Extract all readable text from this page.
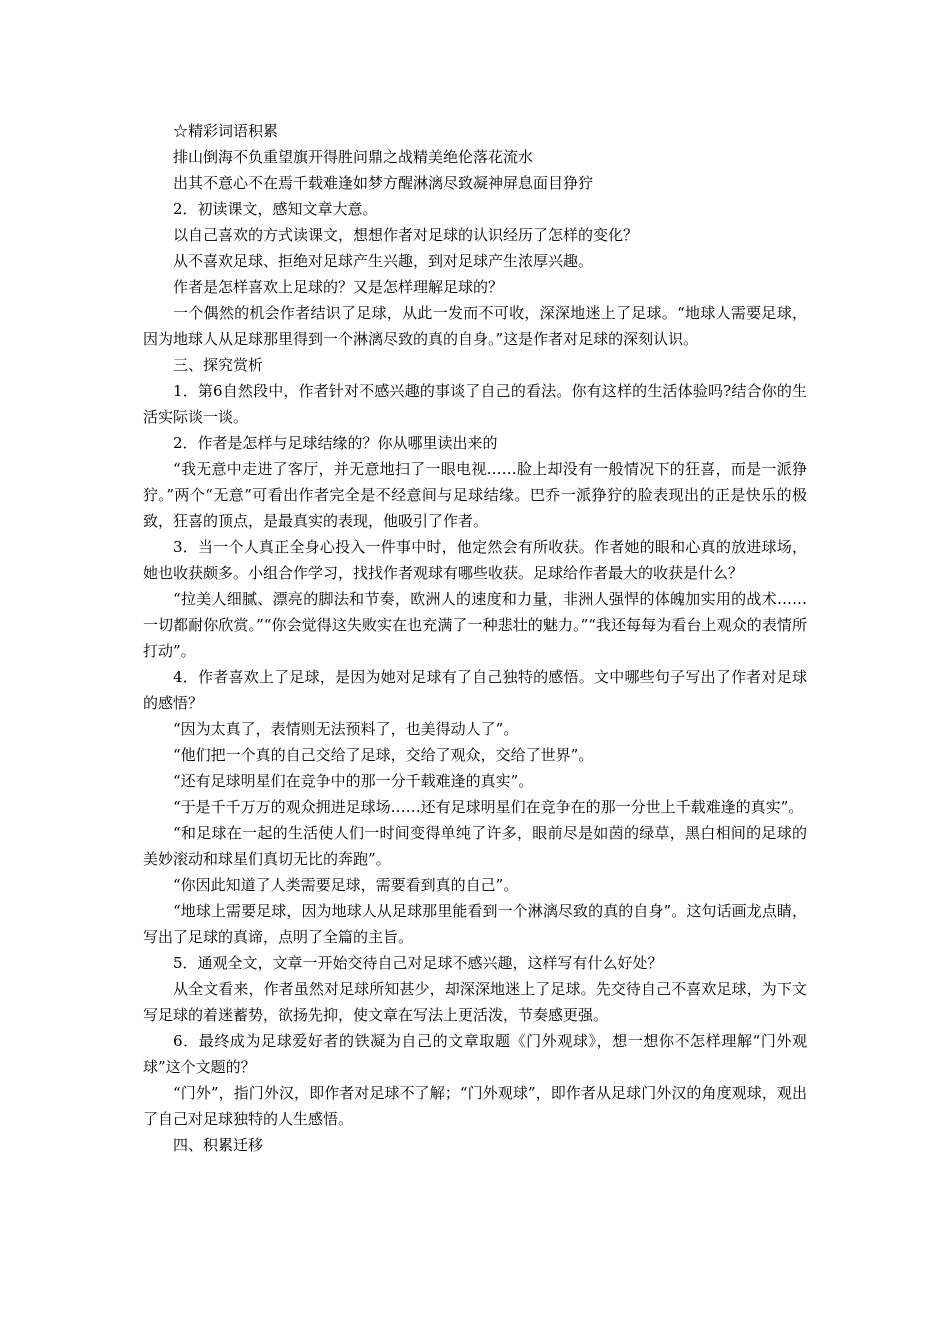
☆精彩词语积累

排山倒海不负重望旗开得胜问鼎之战精美绝伦落花流水

出其不意心不在焉千载难逢如梦方醒淋漓尽致凝神屏息面目狰狞

2．初读课文，感知文章大意。

以自己喜欢的方式读课文，想想作者对足球的认识经历了怎样的变化？

从不喜欢足球、拒绝对足球产生兴趣，到对足球产生浓厚兴趣。

作者是怎样喜欢上足球的？又是怎样理解足球的？

一个偶然的机会作者结识了足球，从此一发而不可收，深深地迷上了足球。“地球人需要足球，因为地球人从足球那里得到一个淋漓尽致的真的自身。”这是作者对足球的深刻认识。

三、探究赏析

1．第6自然段中，作者针对不感兴趣的事谈了自己的看法。你有这样的生活体验吗?结合你的生活实际谈一谈。

2．作者是怎样与足球结缘的？你从哪里读出来的

“我无意中走进了客厅，并无意地扫了一眼电视……脸上却没有一般情况下的狂喜，而是一派狰狞。”两个“无意”可看出作者完全是不经意间与足球结缘。巴乔一派狰狞的脸表现出的正是快乐的极致，狂喜的顶点，是最真实的表现，他吸引了作者。

3．当一个人真正全身心投入一件事中时，他定然会有所收获。作者她的眼和心真的放进球场，她也收获颇多。小组合作学习，找找作者观球有哪些收获。足球给作者最大的收获是什么？

“拉美人细腻、漂亮的脚法和节奏，欧洲人的速度和力量，非洲人强悍的体魄加实用的战术……一切都耐你欣赏。”“你会觉得这失败实在也充满了一种悲壮的魅力。”“我还每每为看台上观众的表情所打动”。

4．作者喜欢上了足球，是因为她对足球有了自己独特的感悟。文中哪些句子写出了作者对足球的感悟？

“因为太真了，表情则无法预料了，也美得动人了”。

“他们把一个真的自己交给了足球，交给了观众，交给了世界”。

“还有足球明星们在竞争中的那一分千载难逢的真实”。

“于是千千万万的观众拥进足球场……还有足球明星们在竞争在的那一分世上千载难逢的真实”。

“和足球在一起的生活使人们一时间变得单纯了许多，眼前尽是如茵的绿草，黑白相间的足球的美妙滚动和球星们真切无比的奔跑”。

“你因此知道了人类需要足球，需要看到真的自己”。

“地球上需要足球，因为地球人从足球那里能看到一个淋漓尽致的真的自身”。这句话画龙点睛，写出了足球的真谛，点明了全篇的主旨。

5．通观全文，文章一开始交待自己对足球不感兴趣，这样写有什么好处？

从全文看来，作者虽然对足球所知甚少，却深深地迷上了足球。先交待自己不喜欢足球，为下文写足球的着迷蓄势，欲扬先抑，使文章在写法上更活泼，节奏感更强。

6．最终成为足球爱好者的铁凝为自己的文章取题《门外观球》，想一想你不怎样理解“门外观球”这个文题的？

“门外”，指门外汉，即作者对足球不了解；“门外观球”，即作者从足球门外汉的角度观球，观出了自己对足球独特的人生感悟。

四、积累迁移
